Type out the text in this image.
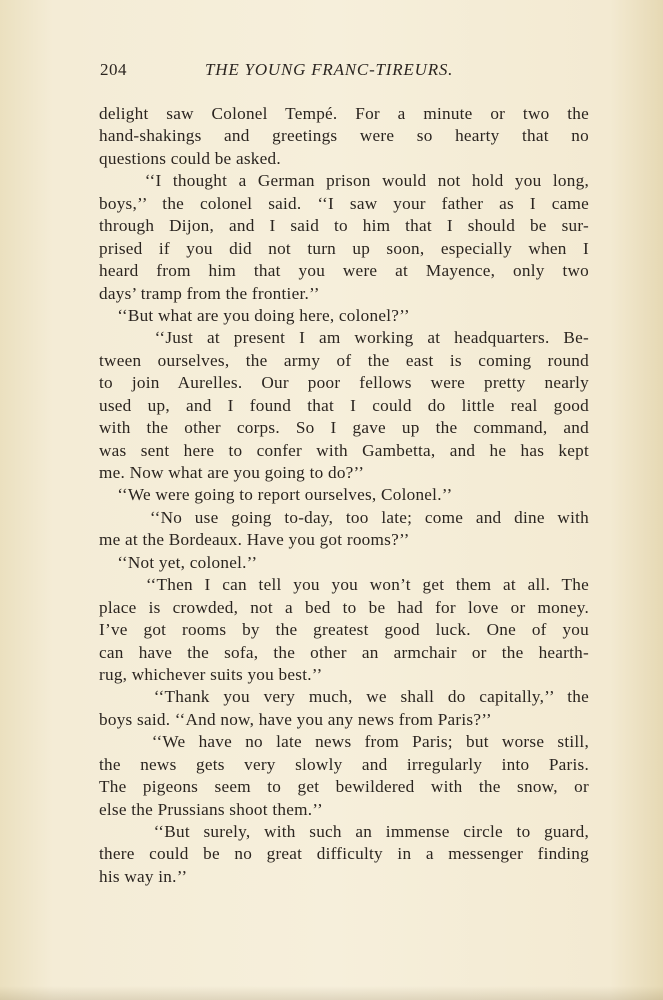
204	THE YOUNG FRANC-TIREURS.
delight saw Colonel Tempé. For a minute or two the
hand-shakings and greetings were so hearty that no
questions could be asked.
‘‘I thought a German prison would not hold you long,
boys,’’ the colonel said. ‘‘I saw your father as I came
through Dijon, and I said to him that I should be sur-
prised if you did not turn up soon, especially when I
heard from him that you were at Mayence, only two
days’ tramp from the frontier.’’
‘‘But what are you doing here, colonel?’’
‘‘Just at present I am working at headquarters. Be-
tween ourselves, the army of the east is coming round
to join Aurelles. Our poor fellows were pretty nearly
used up, and I found that I could do little real good
with the other corps. So I gave up the command, and
was sent here to confer with Gambetta, and he has kept
me. Now what are you going to do?’’
‘‘We were going to report ourselves, Colonel.’’
‘‘No use going to-day, too late; come and dine with
me at the Bordeaux. Have you got rooms?’’
‘‘Not yet, colonel.’’
‘‘Then I can tell you you won’t get them at all. The
place is crowded, not a bed to be had for love or money.
I’ve got rooms by the greatest good luck. One of you
can have the sofa, the other an armchair or the hearth-
rug, whichever suits you best.’’
‘‘Thank you very much, we shall do capitally,’’ the
boys said. ‘‘And now, have you any news from Paris?’’
‘‘We have no late news from Paris; but worse still,
the news gets very slowly and irregularly into Paris.
The pigeons seem to get bewildered with the snow, or
else the Prussians shoot them.’’
‘‘But surely, with such an immense circle to guard,
there could be no great difficulty in a messenger finding
his way in.’’
